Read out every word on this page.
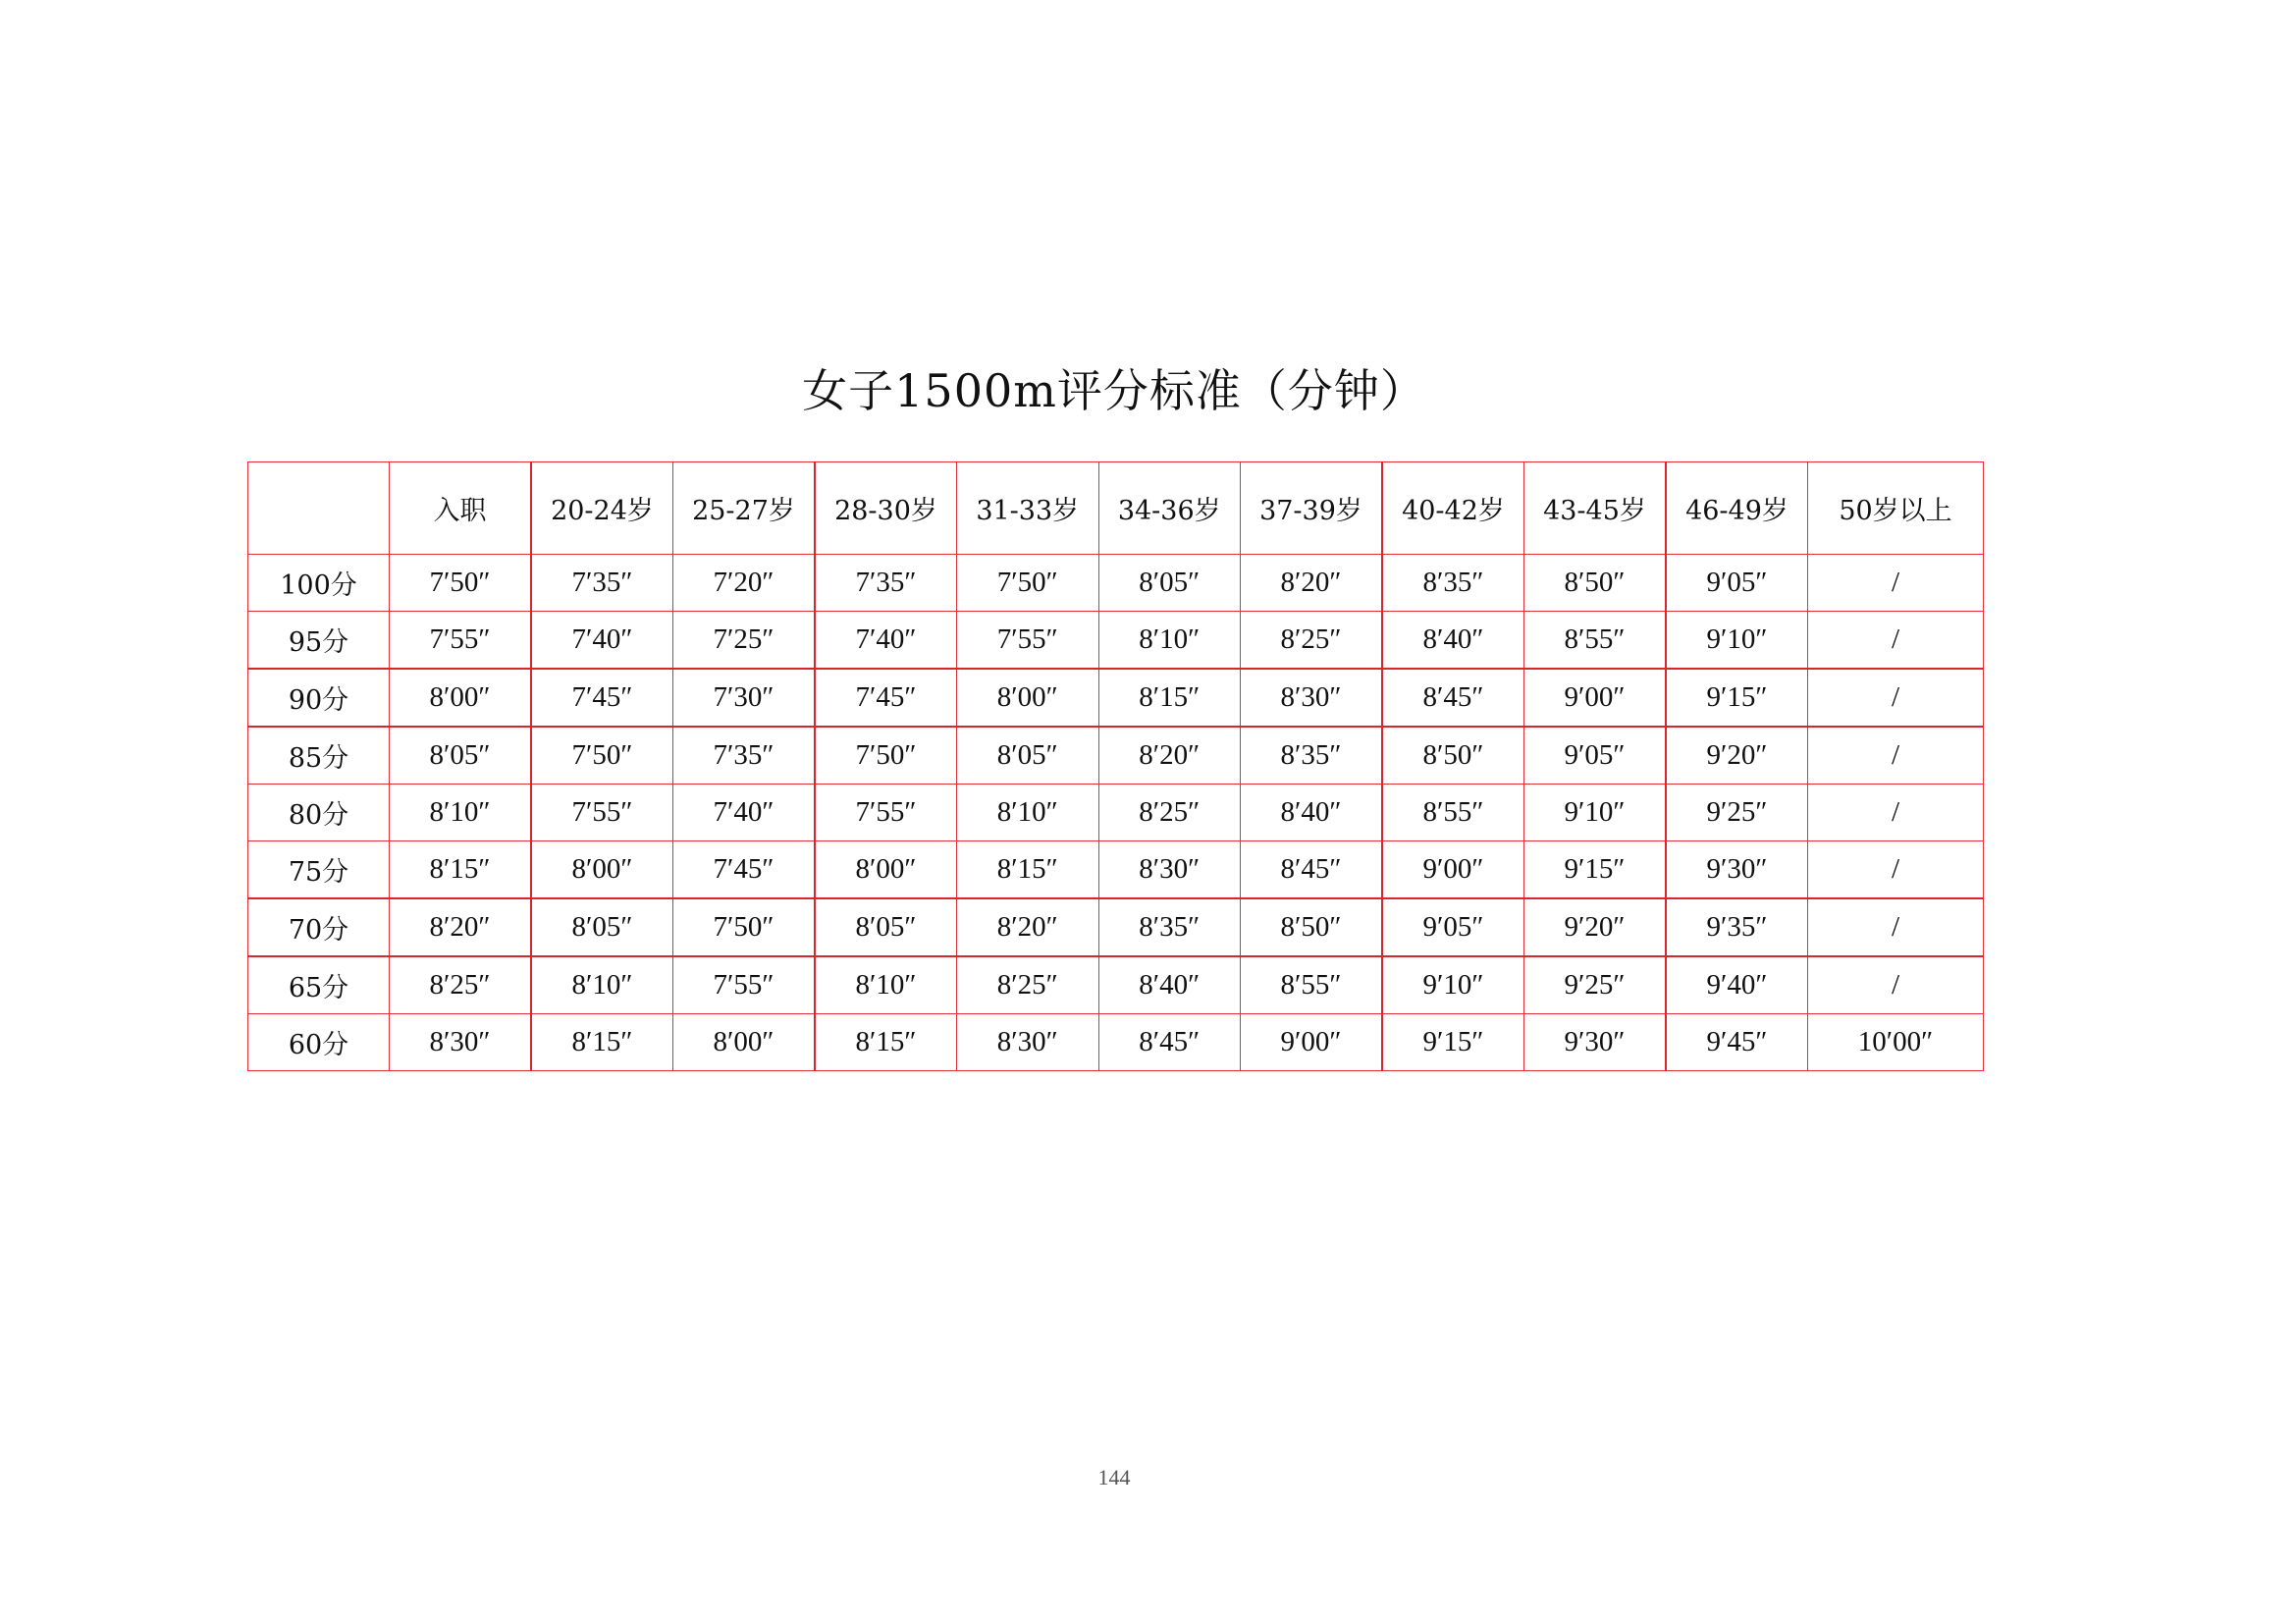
女子1500m评分标准（分钟）
	入职	20-24岁	25-27岁	28-30岁	31-33岁	34-36岁	37-39岁	40-42岁	43-45岁	46-49岁	50岁以上
100分	7′50″	7′35″	7′20″	7′35″	7′50″	8′05″	8′20″	8′35″	8′50″	9′05″	/
95分	7′55″	7′40″	7′25″	7′40″	7′55″	8′10″	8′25″	8′40″	8′55″	9′10″	/
90分	8′00″	7′45″	7′30″	7′45″	8′00″	8′15″	8′30″	8′45″	9′00″	9′15″	/
85分	8′05″	7′50″	7′35″	7′50″	8′05″	8′20″	8′35″	8′50″	9′05″	9′20″	/
80分	8′10″	7′55″	7′40″	7′55″	8′10″	8′25″	8′40″	8′55″	9′10″	9′25″	/
75分	8′15″	8′00″	7′45″	8′00″	8′15″	8′30″	8′45″	9′00″	9′15″	9′30″	/
70分	8′20″	8′05″	7′50″	8′05″	8′20″	8′35″	8′50″	9′05″	9′20″	9′35″	/
65分	8′25″	8′10″	7′55″	8′10″	8′25″	8′40″	8′55″	9′10″	9′25″	9′40″	/
60分	8′30″	8′15″	8′00″	8′15″	8′30″	8′45″	9′00″	9′15″	9′30″	9′45″	10′00″
144
